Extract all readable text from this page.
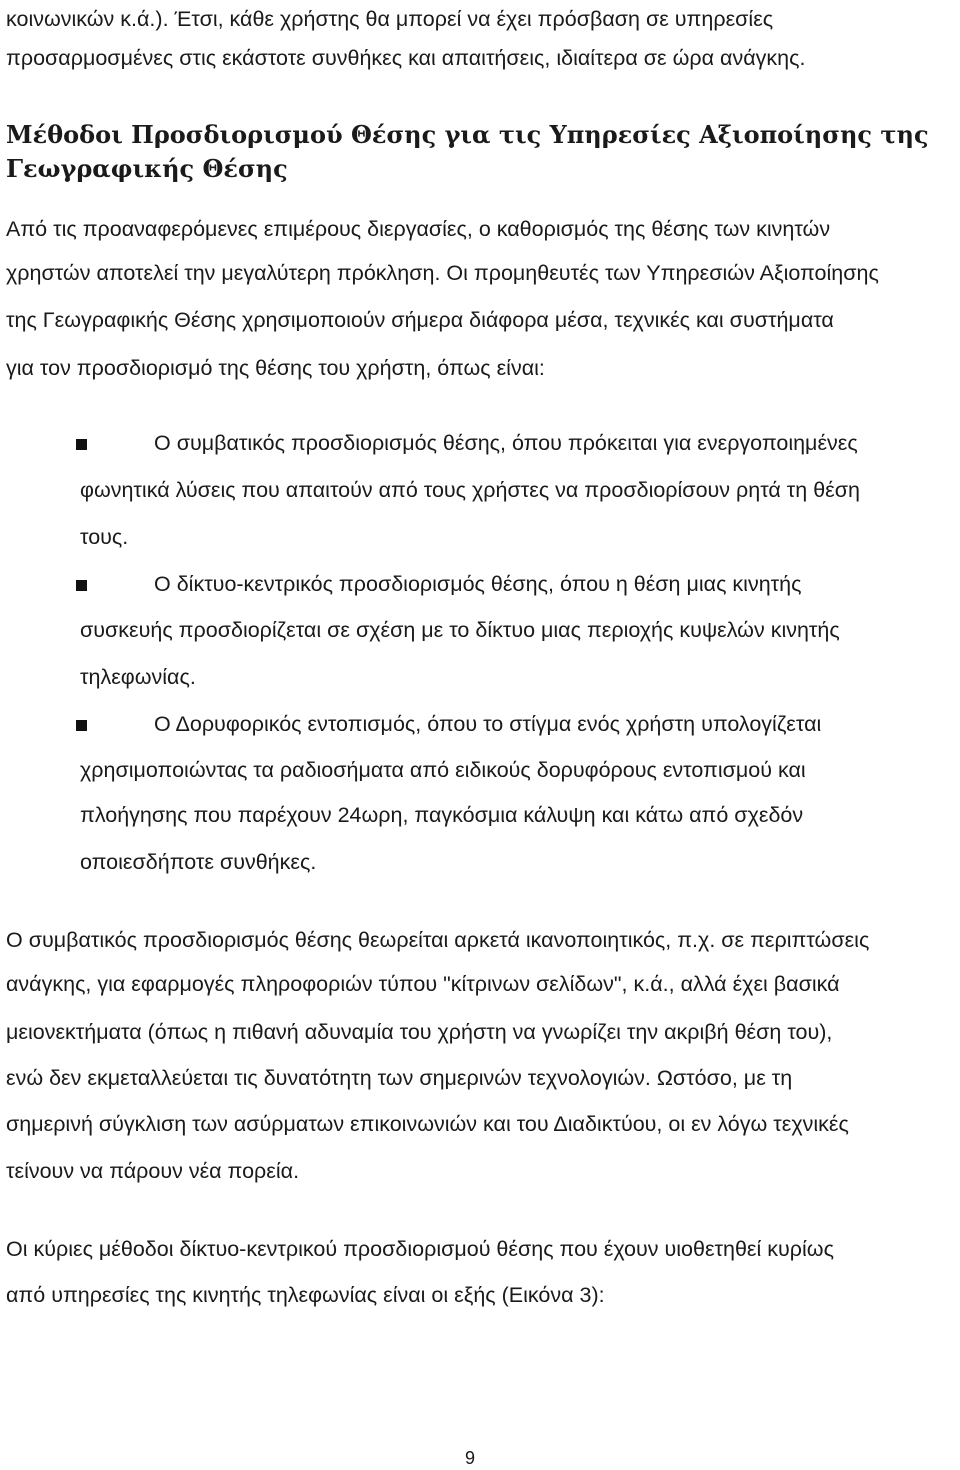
κοινωνικών κ.ά.). Έτσι, κάθε χρήστης θα μπορεί να έχει πρόσβαση σε υπηρεσίες
προσαρμοσμένες στις εκάστοτε συνθήκες και απαιτήσεις, ιδιαίτερα σε ώρα ανάγκης.
Μέθοδοι Προσδιορισμού Θέσης για τις Υπηρεσίες Αξιοποίησης της
Γεωγραφικής Θέσης
Από τις προαναφερόμενες επιμέρους διεργασίες, ο καθορισμός της θέσης των κινητών
χρηστών αποτελεί την μεγαλύτερη πρόκληση. Οι προμηθευτές των Υπηρεσιών Αξιοποίησης
της Γεωγραφικής Θέσης χρησιμοποιούν σήμερα διάφορα μέσα, τεχνικές και συστήματα
για τον προσδιορισμό της θέσης του χρήστη, όπως είναι:
Ο συμβατικός προσδιορισμός θέσης, όπου πρόκειται για ενεργοποιημένες
φωνητικά λύσεις που απαιτούν από τους χρήστες να προσδιορίσουν ρητά τη θέση
τους.
Ο δίκτυο-κεντρικός προσδιορισμός θέσης, όπου η θέση μιας κινητής
συσκευής προσδιορίζεται σε σχέση με το δίκτυο μιας περιοχής κυψελών κινητής
τηλεφωνίας.
Ο Δορυφορικός εντοπισμός, όπου το στίγμα ενός χρήστη υπολογίζεται
χρησιμοποιώντας τα ραδιοσήματα από ειδικούς δορυφόρους εντοπισμού και
πλοήγησης που παρέχουν 24ωρη, παγκόσμια κάλυψη και κάτω από σχεδόν
οποιεσδήποτε συνθήκες.
Ο συμβατικός προσδιορισμός θέσης θεωρείται αρκετά ικανοποιητικός, π.χ. σε περιπτώσεις
ανάγκης, για εφαρμογές πληροφοριών τύπου "κίτρινων σελίδων", κ.ά., αλλά έχει βασικά
μειονεκτήματα (όπως η πιθανή αδυναμία του χρήστη να γνωρίζει την ακριβή θέση του),
ενώ δεν εκμεταλλεύεται τις δυνατότητη των σημερινών τεχνολογιών. Ωστόσο, με τη
σημερινή σύγκλιση των ασύρματων επικοινωνιών και του Διαδικτύου, οι εν λόγω τεχνικές
τείνουν να πάρουν νέα πορεία.
Οι κύριες μέθοδοι δίκτυο-κεντρικού προσδιορισμού θέσης που έχουν υιοθετηθεί κυρίως
από υπηρεσίες της κινητής τηλεφωνίας είναι οι εξής (Εικόνα 3):
9
